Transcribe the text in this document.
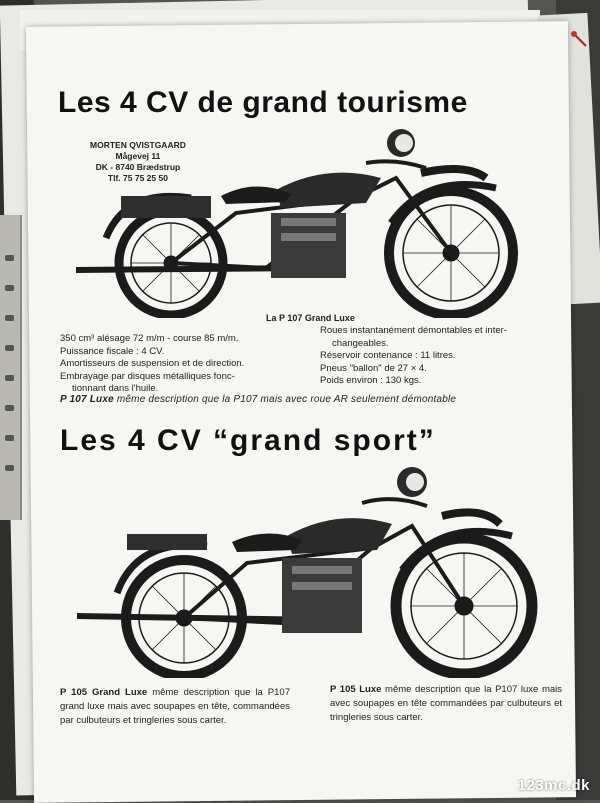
Les 4 CV de grand tourisme
MORTEN QVISTGAARD
Mågevej 11
DK - 8740 Brædstrup
Tlf. 75 75 25 50
La P 107 Grand Luxe
350 cm³ alésage 72 m/m - course 85 m/m.
Puissance fiscale : 4 CV.
Amortisseurs de suspension et de direction.
Embrayage par disques métalliques fonc-
tionnant dans l'huile.
Roues instantanément démontables et inter-
changeables.
Réservoir contenance : 11 litres.
Pneus "ballon" de 27 × 4.
Poids environ : 130 kgs.
P 107 Luxe même description que la P107 mais avec roue AR seulement démontable
Les 4 CV “grand sport”
P 105 Grand Luxe même description que la P107 grand luxe mais avec soupapes en tête, commandées par culbuteurs et tringleries sous carter.
P 105 Luxe même description que la P107 luxe mais avec soupapes en tête commandées par culbuteurs et tringleries sous carter.
123mc.dk
